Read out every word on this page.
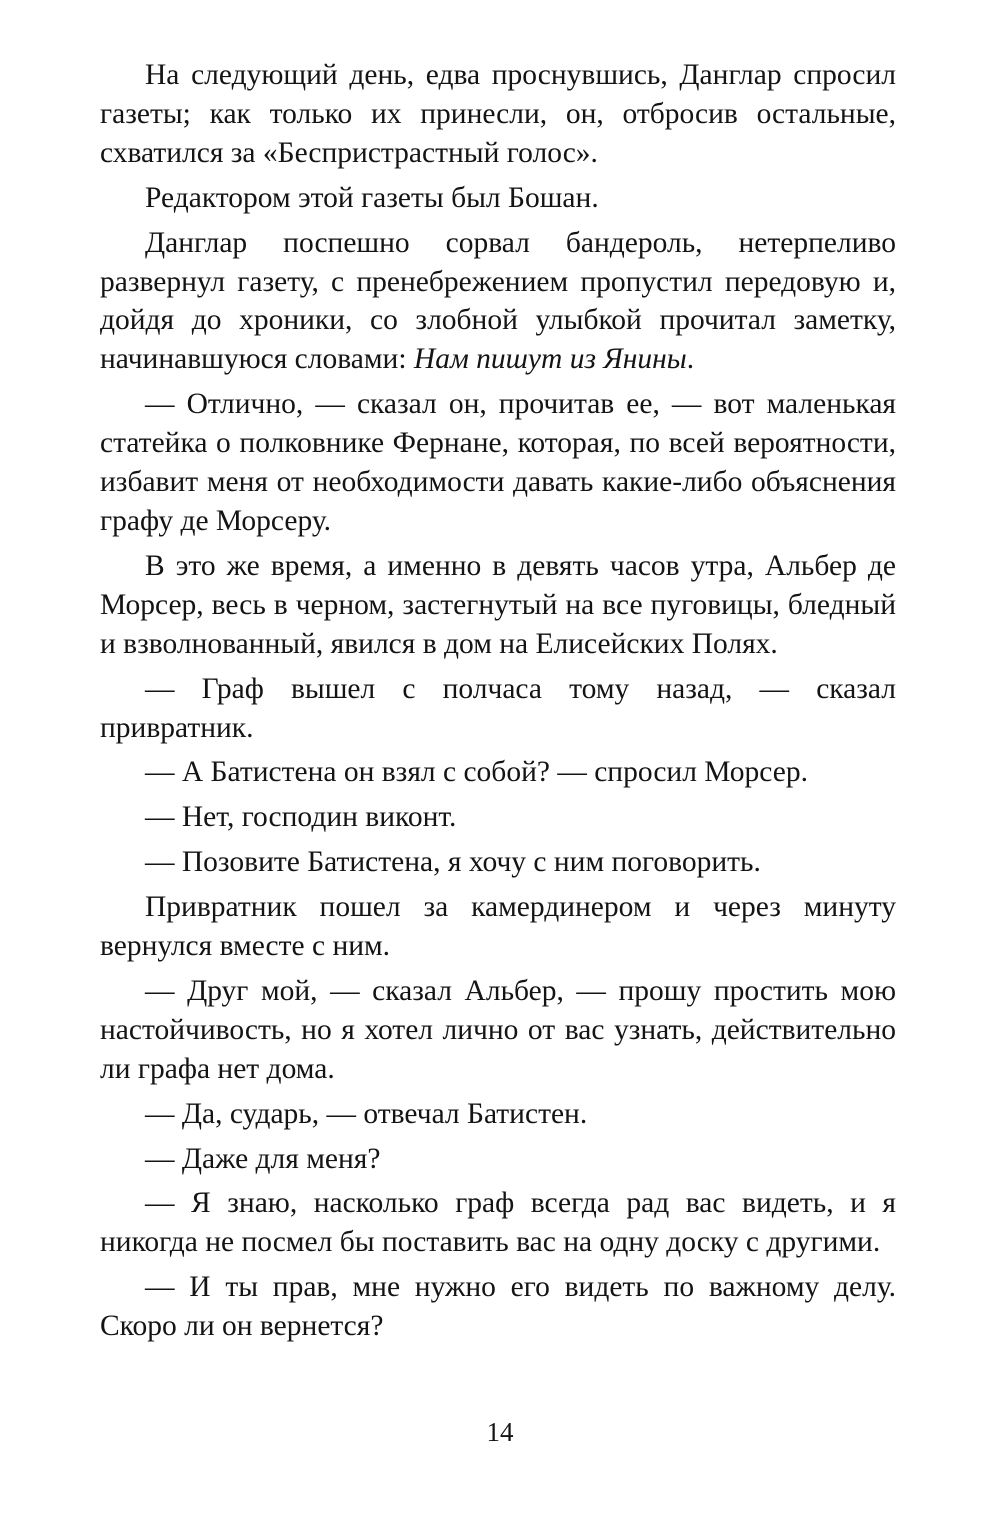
На следующий день, едва проснувшись, Данглар спросил газеты; как только их принесли, он, отбросив остальные, схватился за «Беспристрастный голос».

Редактором этой газеты был Бошан.

Данглар поспешно сорвал бандероль, нетерпеливо развернул газету, с пренебрежением пропустил передовую и, дойдя до хроники, со злобной улыбкой прочитал заметку, начинавшуюся словами: Нам пишут из Янины.

— Отлично, — сказал он, прочитав ее, — вот маленькая статейка о полковнике Фернане, которая, по всей вероятности, избавит меня от необходимости давать какие-либо объяснения графу де Морсеру.

В это же время, а именно в девять часов утра, Альбер де Морсер, весь в черном, застегнутый на все пуговицы, бледный и взволнованный, явился в дом на Елисейских Полях.

— Граф вышел с полчаса тому назад, — сказал привратник.

— А Батистена он взял с собой? — спросил Морсер.

— Нет, господин виконт.

— Позовите Батистена, я хочу с ним поговорить.

Привратник пошел за камердинером и через минуту вернулся вместе с ним.

— Друг мой, — сказал Альбер, — прошу простить мою настойчивость, но я хотел лично от вас узнать, действительно ли графа нет дома.

— Да, сударь, — отвечал Батистен.

— Даже для меня?

— Я знаю, насколько граф всегда рад вас видеть, и я никогда не посмел бы поставить вас на одну доску с другими.

— И ты прав, мне нужно его видеть по важному делу. Скоро ли он вернется?

14
